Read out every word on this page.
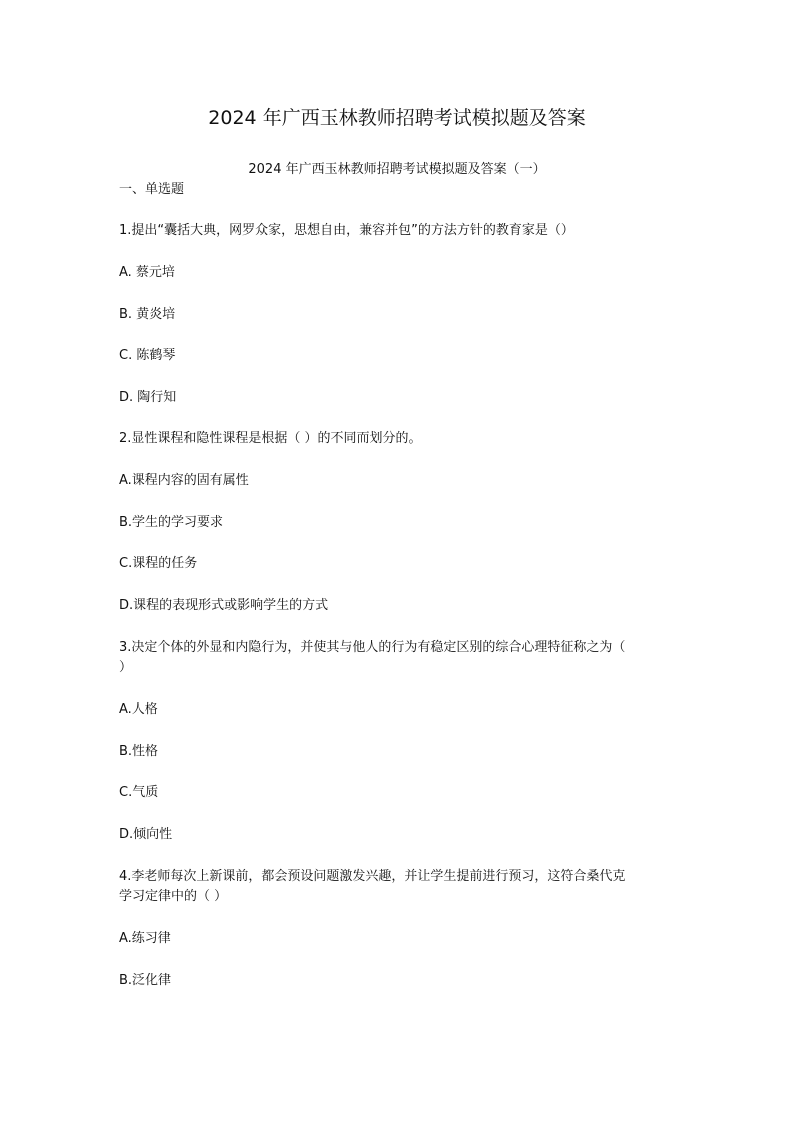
2024 年广西玉林教师招聘考试模拟题及答案
2024 年广西玉林教师招聘考试模拟题及答案（一）
一、单选题
1.提出“囊括大典，网罗众家，思想自由，兼容并包”的方法方针的教育家是（）
A. 蔡元培
B. 黄炎培
C. 陈鹤琴
D. 陶行知
2.显性课程和隐性课程是根据（ ）的不同而划分的。
A.课程内容的固有属性
B.学生的学习要求
C.课程的任务
D.课程的表现形式或影响学生的方式
3.决定个体的外显和内隐行为，并使其与他人的行为有稳定区别的综合心理特征称之为（
）
A.人格
B.性格
C.气质
D.倾向性
4.李老师每次上新课前，都会预设问题激发兴趣，并让学生提前进行预习，这符合桑代克
学习定律中的（ ）
A.练习律
B.泛化律
